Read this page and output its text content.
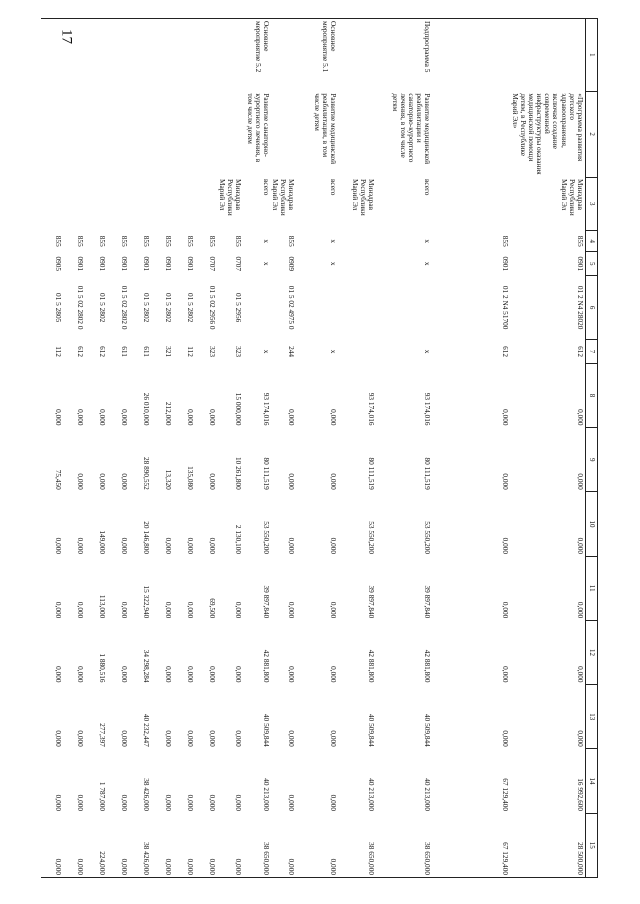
17
1	2	3	4	5	6	7	8	9	10	11	12	13	14	15
	«Программа развития детского здравоохранения, включая создание современной инфраструктуры оказания медицинской помощи детям, в Республике Марий Эл»	Минздрав Республики Марий Эл	855	0901	01 2 N4 28020	612	0,000	0,000	0,000	0,000	0,000	0,000	16 992,600	28 500,000
			855	0901	01 2 N4 51700	612	0,000	0,000	0,000	0,000	0,000	0,000	67 129,400	67 129,400
Подпрограмма 5	Развитие медицинской реабилитации и санаторно-курортного лечения, в том числе детям	всего	x	x		x	93 174,016	80 111,519	53 550,200	39 897,840	42 881,800	40 509,844	40 213,000	38 650,000
		Минздрав Республики Марий Эл					93 174,016	80 111,519	53 550,200	39 897,840	42 881,800	40 509,844	40 213,000	38 650,000
Основное мероприятие 5.1	Развитие медицинской реабилитации, в том числе детям	всего	x	x		x	0,000	0,000	0,000	0,000	0,000	0,000	0,000	0,000
		Минздрав Республики Марий Эл	855	0909	01 5 02 4975 0	244	0,000	0,000	0,000	0,000	0,000	0,000	0,000	0,000
Основное мероприятие 5.2	Развитие санаторно-курортного лечения, в том числе детям	всего	x	x		x	93 174,016	80 111,519	53 550,200	39 897,840	42 881,800	40 509,844	40 213,000	38 650,000
		Минздрав Республики Марий Эл	855	0707	01 5 2956	323	15 000,000	10 261,800	2 130,100	0,000	0,000	0,000	0,000	0,000
			855	0707	01 5 02 2956 0	323	0,000	0,000	0,000	69,500	0,000	0,000	0,000	0,000
			855	0901	01 5 2802	112	0,000	135,080	0,000	0,000	0,000	0,000	0,000	0,000
			855	0901	01 5 2802	321	212,000	13,320	0,000	0,000	0,000	0,000	0,000	0,000
			855	0901	01 5 2802	611	26 010,000	28 890,552	20 146,800	15 322,940	34 298,284	40 232,447	38 426,000	38 426,000
			855	0901	01 5 02 2802 0	611	0,000	0,000	0,000	0,000	0,000	0,000	0,000	0,000
			855	0901	01 5 2802	612	0,000	0,000	149,000	113,000	1 880,516	277,397	1 787,000	224,000
			855	0901	01 5 02 2802 0	612	0,000	0,000	0,000	0,000	0,000	0,000	0,000	0,000
			855	0905	01 5 2805	112	0,000	75,450	0,000	0,000	0,000	0,000	0,000	0,000
